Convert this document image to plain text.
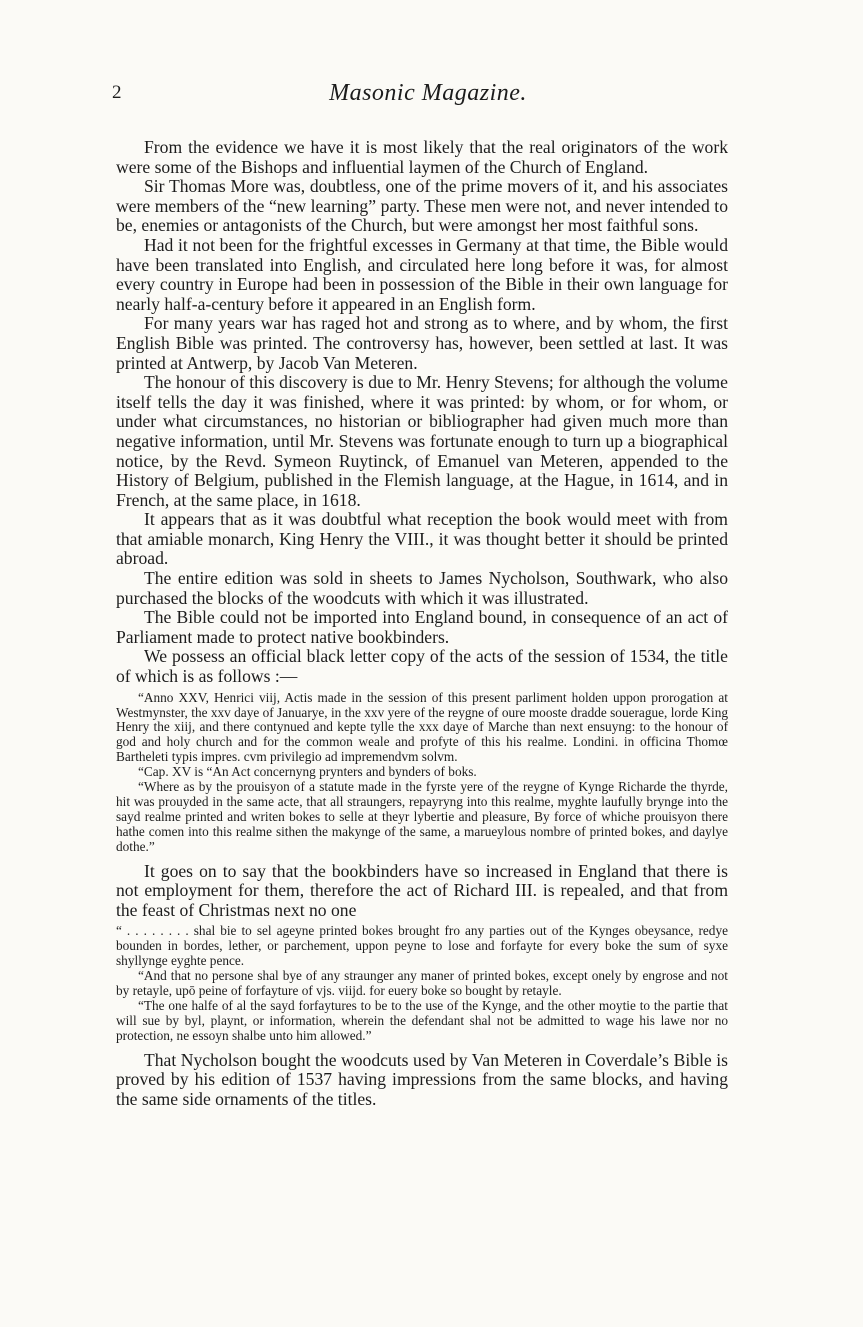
2	Masonic Magazine.

From the evidence we have it is most likely that the real originators of the work were some of the Bishops and influential laymen of the Church of England.

Sir Thomas More was, doubtless, one of the prime movers of it, and his associates were members of the “new learning” party. These men were not, and never intended to be, enemies or antagonists of the Church, but were amongst her most faithful sons.

Had it not been for the frightful excesses in Germany at that time, the Bible would have been translated into English, and circulated here long before it was, for almost every country in Europe had been in possession of the Bible in their own language for nearly half-a-century before it appeared in an English form.

For many years war has raged hot and strong as to where, and by whom, the first English Bible was printed. The controversy has, however, been settled at last. It was printed at Antwerp, by Jacob Van Meteren.

The honour of this discovery is due to Mr. Henry Stevens; for although the volume itself tells the day it was finished, where it was printed: by whom, or for whom, or under what circumstances, no historian or bibliographer had given much more than negative information, until Mr. Stevens was fortunate enough to turn up a biographical notice, by the Revd. Symeon Ruytinck, of Emanuel van Meteren, appended to the History of Belgium, published in the Flemish language, at the Hague, in 1614, and in French, at the same place, in 1618.

It appears that as it was doubtful what reception the book would meet with from that amiable monarch, King Henry the VIII., it was thought better it should be printed abroad.

The entire edition was sold in sheets to James Nycholson, Southwark, who also purchased the blocks of the woodcuts with which it was illustrated.

The Bible could not be imported into England bound, in consequence of an act of Parliament made to protect native bookbinders.

We possess an official black letter copy of the acts of the session of 1534, the title of which is as follows :—

“Anno XXV, Henrici viij, Actis made in the session of this present parliment holden uppon prorogation at Westmynster, the xxv daye of Januarye, in the xxv yere of the reygne of oure mooste dradde souerague, lorde King Henry the xiij, and there contynued and kepte tylle the xxx daye of Marche than next ensuyng: to the honour of god and holy church and for the common weale and profyte of this his realme. Londini. in officina Thomœ Bartheleti typis impres. cvm privilegio ad impremendvm solvm.

“Cap. XV is “An Act concernyng prynters and bynders of boks.

“Where as by the prouisyon of a statute made in the fyrste yere of the reygne of Kynge Richarde the thyrde, hit was prouyded in the same acte, that all straungers, repayryng into this realme, myghte laufully brynge into the sayd realme printed and writen bokes to selle at theyr lybertie and pleasure, By force of whiche prouisyon there hathe comen into this realme sithen the makynge of the same, a marueylous nombre of printed bokes, and daylye dothe.”

It goes on to say that the bookbinders have so increased in England that there is not employment for them, therefore the act of Richard III. is repealed, and that from the feast of Christmas next no one

“ . . . . . . . . shal bie to sel ageyne printed bokes brought fro any parties out of the Kynges obeysance, redye bounden in bordes, lether, or parchement, uppon peyne to lose and forfayte for every boke the sum of syxe shyllynge eyghte pence.

“And that no persone shal bye of any straunger any maner of printed bokes, except onely by engrose and not by retayle, upō peine of forfayture of vjs. viijd. for euery boke so bought by retayle.

“The one halfe of al the sayd forfaytures to be to the use of the Kynge, and the other moytie to the partie that will sue by byl, playnt, or information, wherein the defendant shal not be admitted to wage his lawe nor no protection, ne essoyn shalbe unto him allowed.”

That Nycholson bought the woodcuts used by Van Meteren in Coverdale’s Bible is proved by his edition of 1537 having impressions from the same blocks, and having the same side ornaments of the titles.
